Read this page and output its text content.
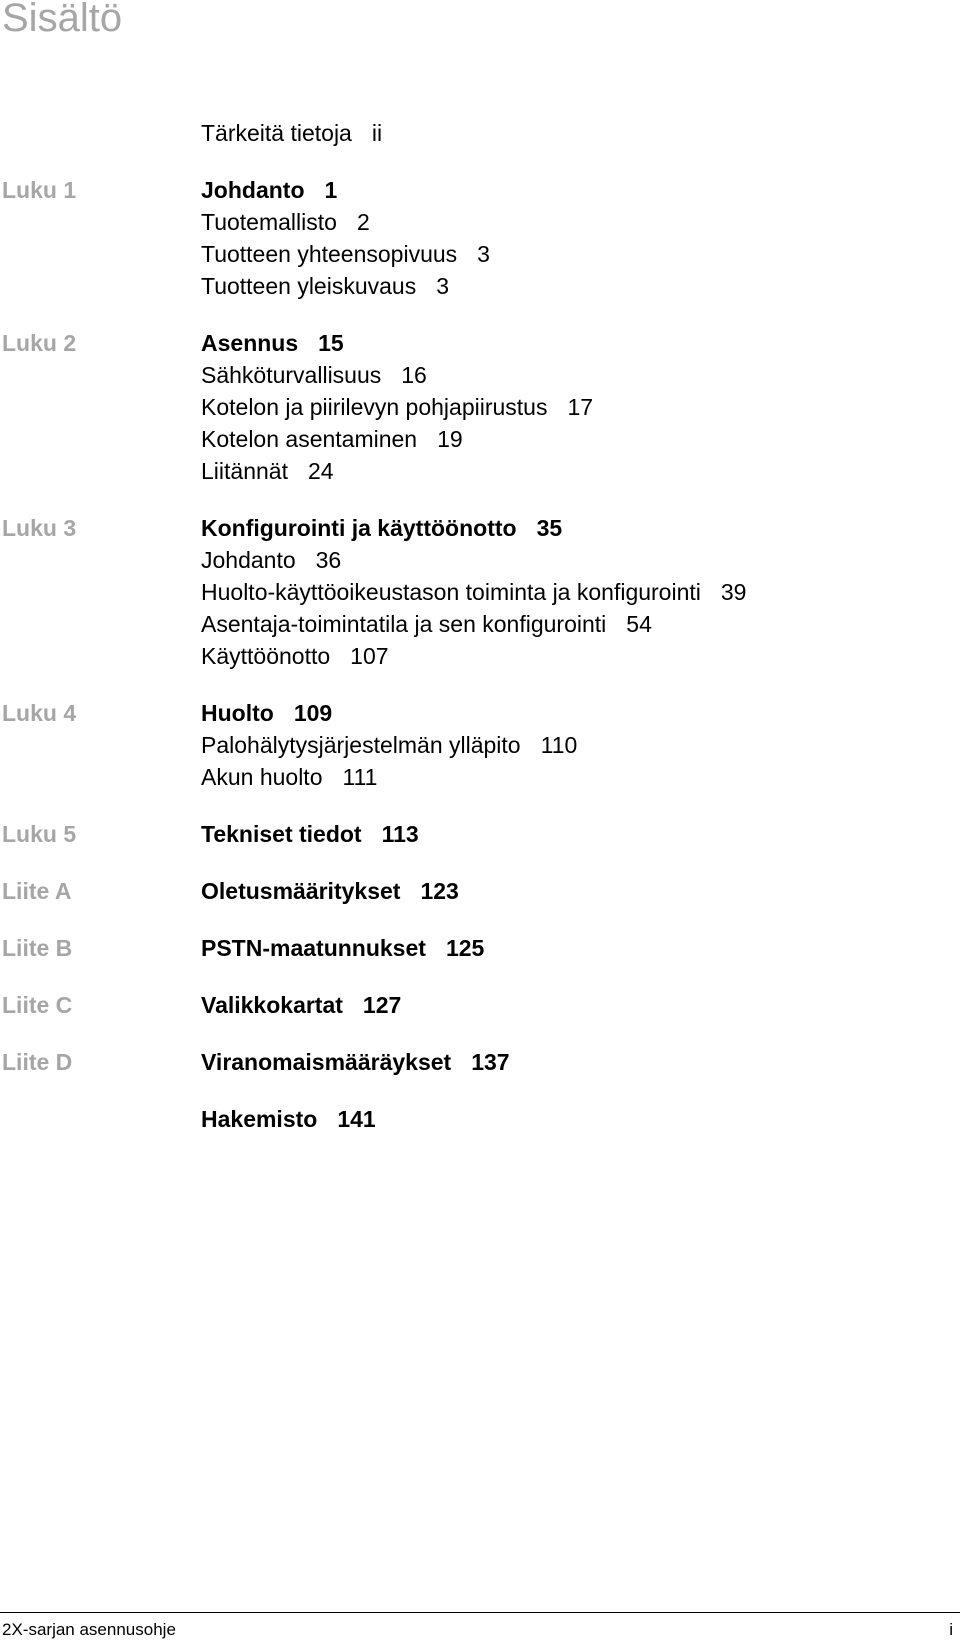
Sisältö
Tärkeitä tietoja ii
Luku 1	Johdanto 1
Tuotemallisto 2
Tuotteen yhteensopivuus 3
Tuotteen yleiskuvaus 3
Luku 2	Asennus 15
Sähköturvallisuus 16
Kotelon ja piirilevyn pohjapiirustus 17
Kotelon asentaminen 19
Liitännät 24
Luku 3	Konfigurointi ja käyttöönotto 35
Johdanto 36
Huolto-käyttöoikeustason toiminta ja konfigurointi 39
Asentaja-toimintatila ja sen konfigurointi 54
Käyttöönotto 107
Luku 4	Huolto 109
Palohälytysjärjestelmän ylläpito 110
Akun huolto 111
Luku 5	Tekniset tiedot 113
Liite A	Oletusmääritykset 123
Liite B	PSTN-maatunnukset 125
Liite C	Valikkokartat 127
Liite D	Viranomaismääräykset 137
Hakemisto 141
2X-sarjan asennusohje	i
